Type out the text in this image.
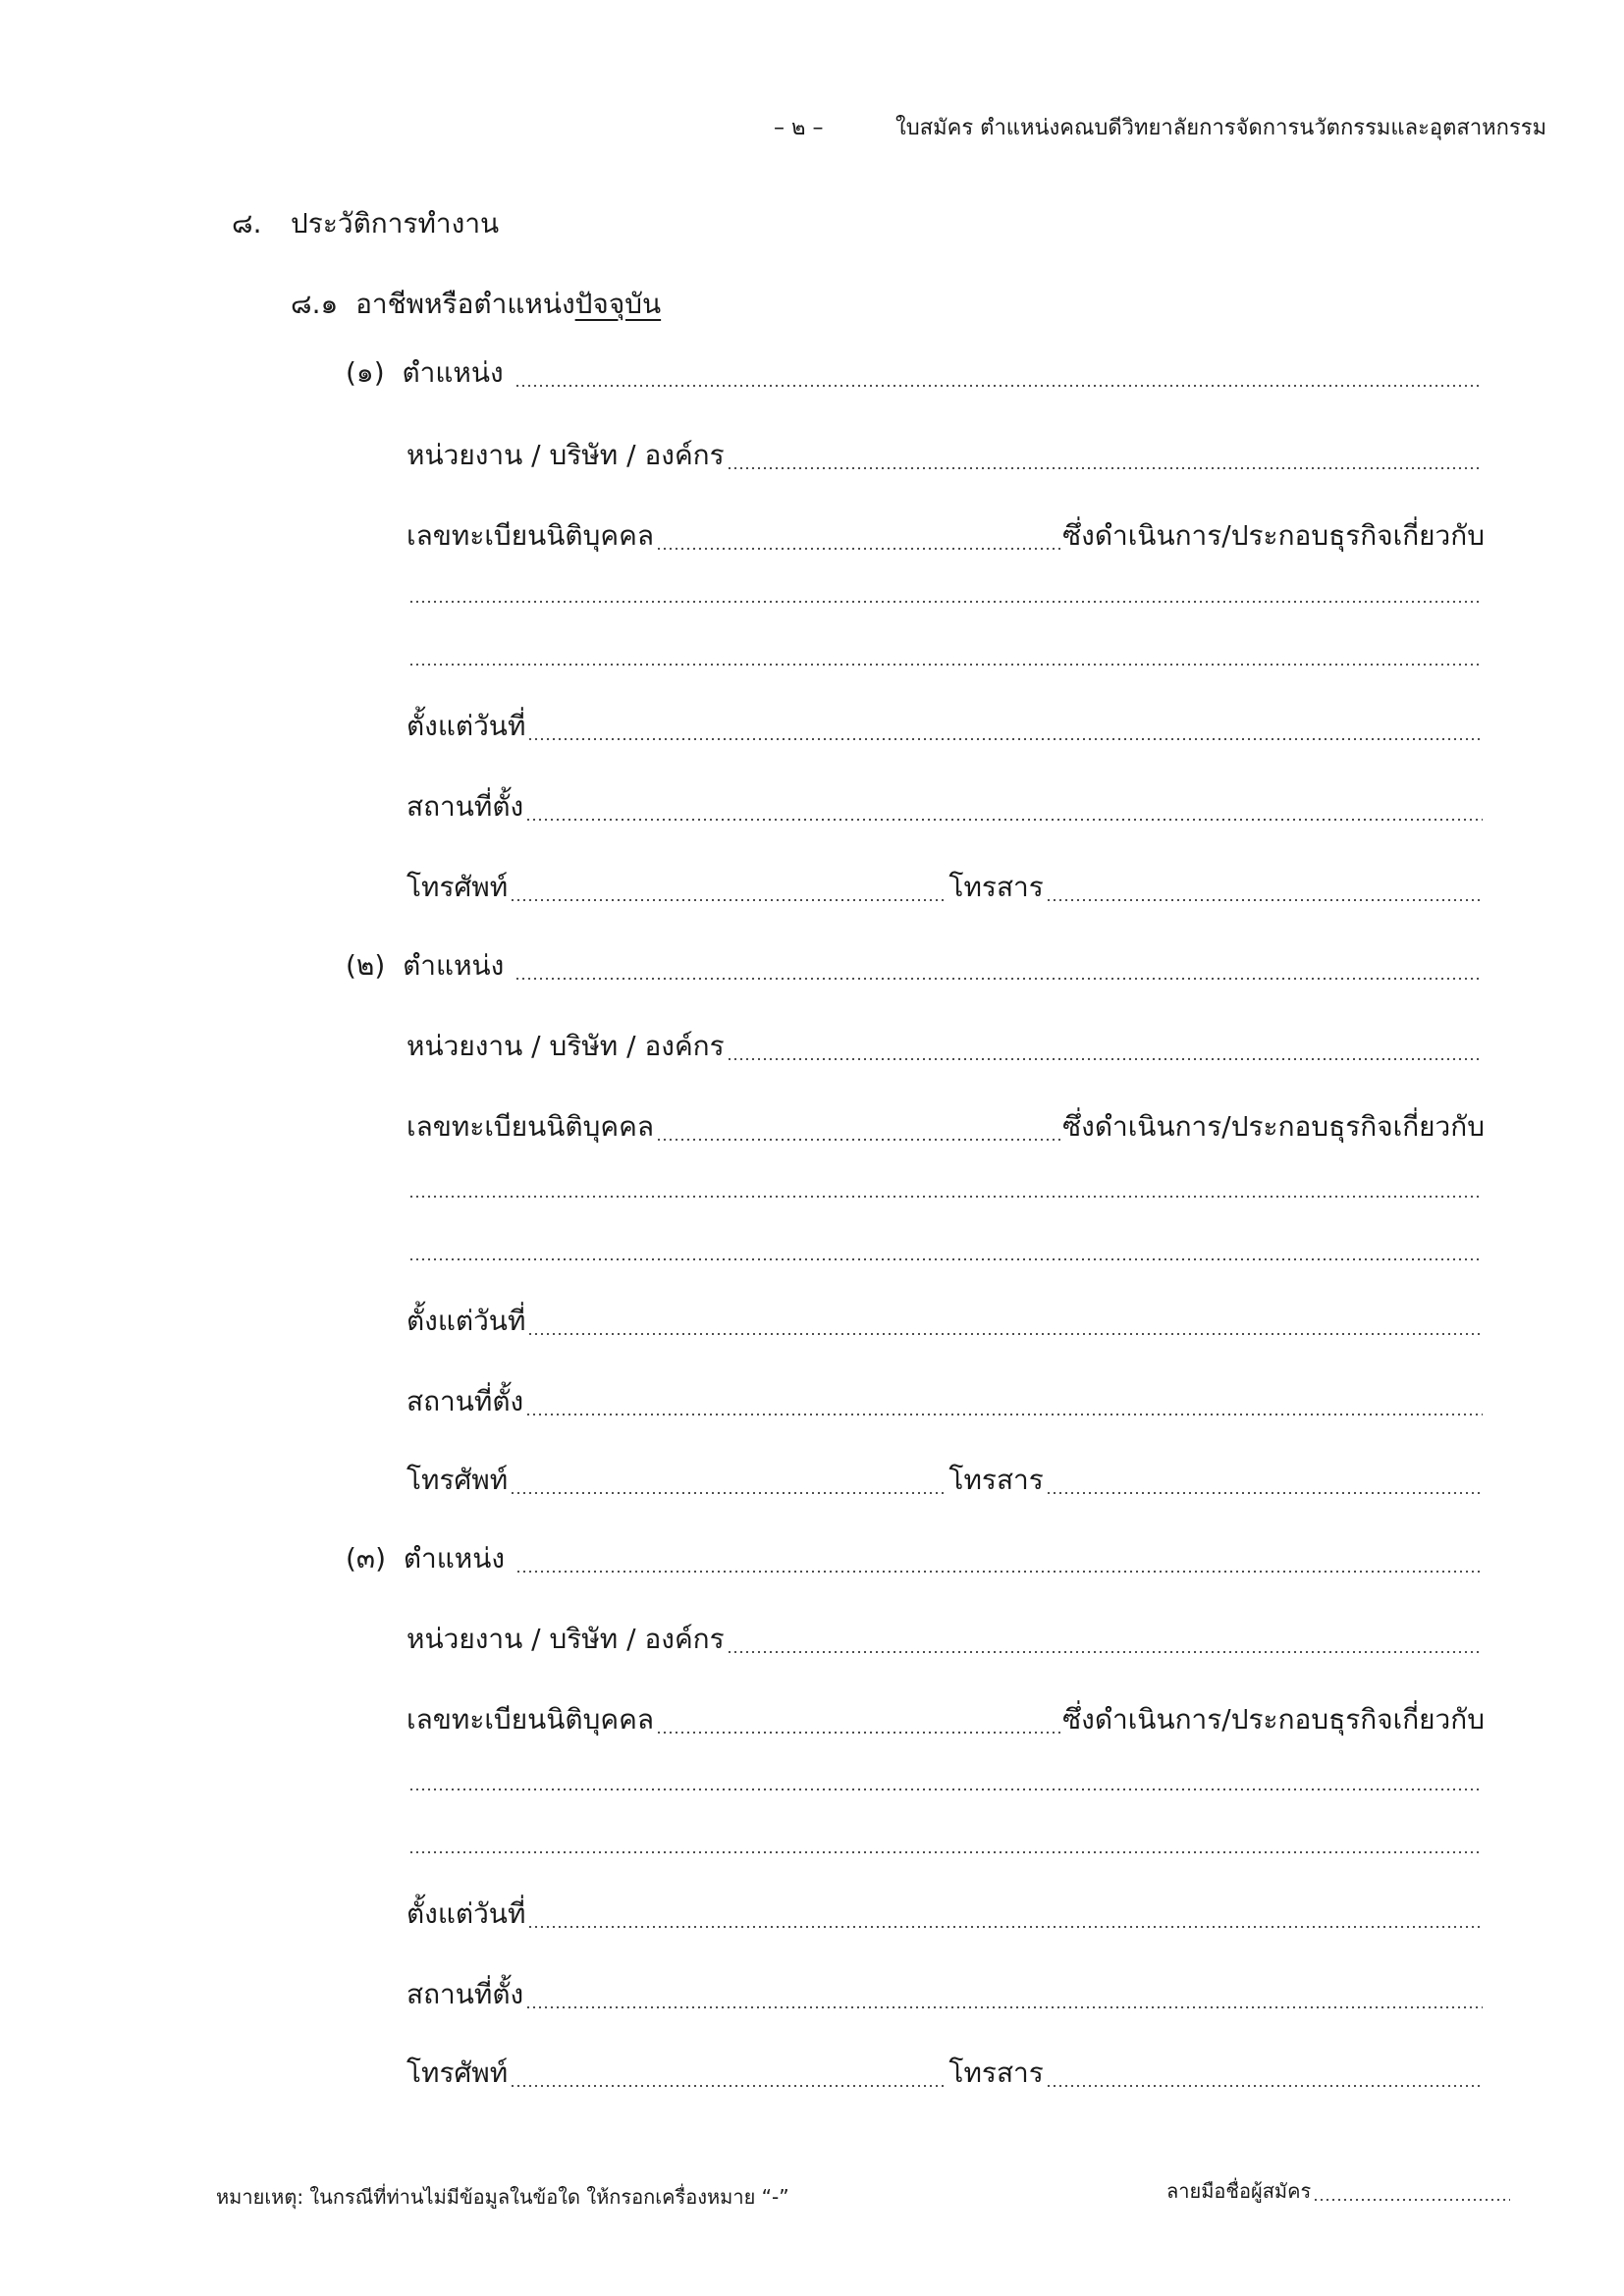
– ๒ –	ใบสมัคร ตำแหน่งคณบดีวิทยาลัยการจัดการนวัตกรรมและอุตสาหกรรม
๘. ประวัติการทำงาน
๘.๑ อาชีพหรือตำแหน่งปัจจุบัน
(๑)
ตำแหน่ง

หน่วยงาน / บริษัท / องค์กร
เลขทะเบียนนิติบุคคล	ซึ่งดำเนินการ/ประกอบธุรกิจเกี่ยวกับ
ตั้งแต่วันที่
สถานที่ตั้ง
โทรศัพท์	โทรสาร
(๒)
ตำแหน่ง

หน่วยงาน / บริษัท / องค์กร
เลขทะเบียนนิติบุคคล	ซึ่งดำเนินการ/ประกอบธุรกิจเกี่ยวกับ
ตั้งแต่วันที่
สถานที่ตั้ง
โทรศัพท์	โทรสาร
(๓)
ตำแหน่ง

หน่วยงาน / บริษัท / องค์กร
เลขทะเบียนนิติบุคคล	ซึ่งดำเนินการ/ประกอบธุรกิจเกี่ยวกับ
ตั้งแต่วันที่
สถานที่ตั้ง
โทรศัพท์	โทรสาร
หมายเหตุ: ในกรณีที่ท่านไม่มีข้อมูลในข้อใด ให้กรอกเครื่องหมาย “-”	ลายมือชื่อผู้สมัคร
